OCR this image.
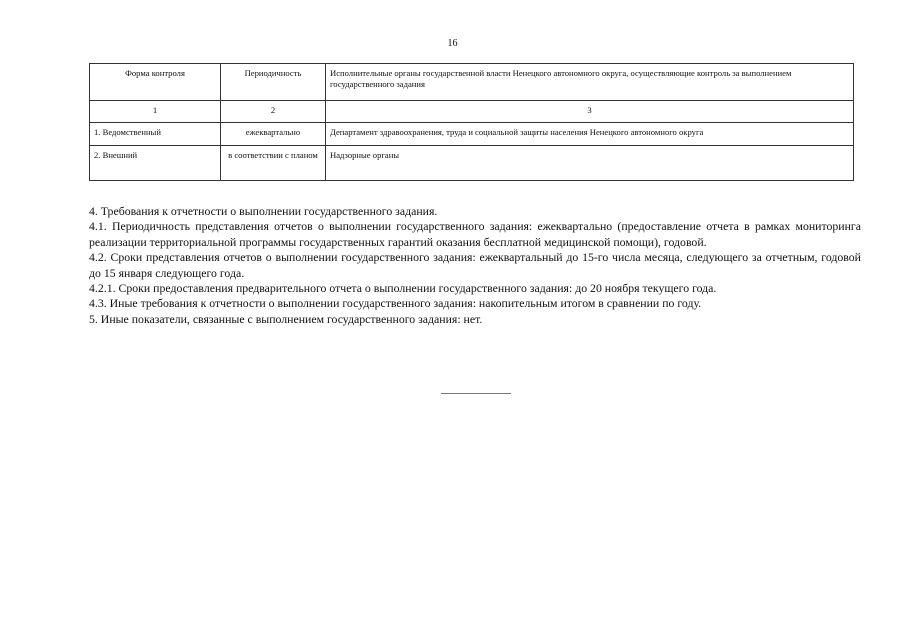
16
Форма контроля	Периодичность	Исполнительные органы государственной власти Ненецкого автономного округа, осуществляющие контроль за выполнением государственного задания
1	2	3
1. Ведомственный	ежеквартально	Департамент здравоохранения, труда и социальной защиты населения Ненецкого автономного округа
2. Внешний	в соответствии с планом	Надзорные органы

4. Требования к отчетности о выполнении государственного задания.

4.1. Периодичность представления отчетов о выполнении государственного задания: ежеквартально (предоставление отчета в рамках мониторинга реализации территориальной программы государственных гарантий оказания бесплатной медицинской помощи), годовой.

4.2. Сроки представления отчетов о выполнении государственного задания: ежеквартальный до 15-го числа месяца, следующего за отчетным, годовой до 15 января следующего года.

4.2.1. Сроки предоставления предварительного отчета о выполнении государственного задания: до 20 ноября текущего года.

4.3. Иные требования к отчетности о выполнении государственного задания: накопительным итогом в сравнении по году.

5. Иные показатели, связанные с выполнением государственного задания: нет.
